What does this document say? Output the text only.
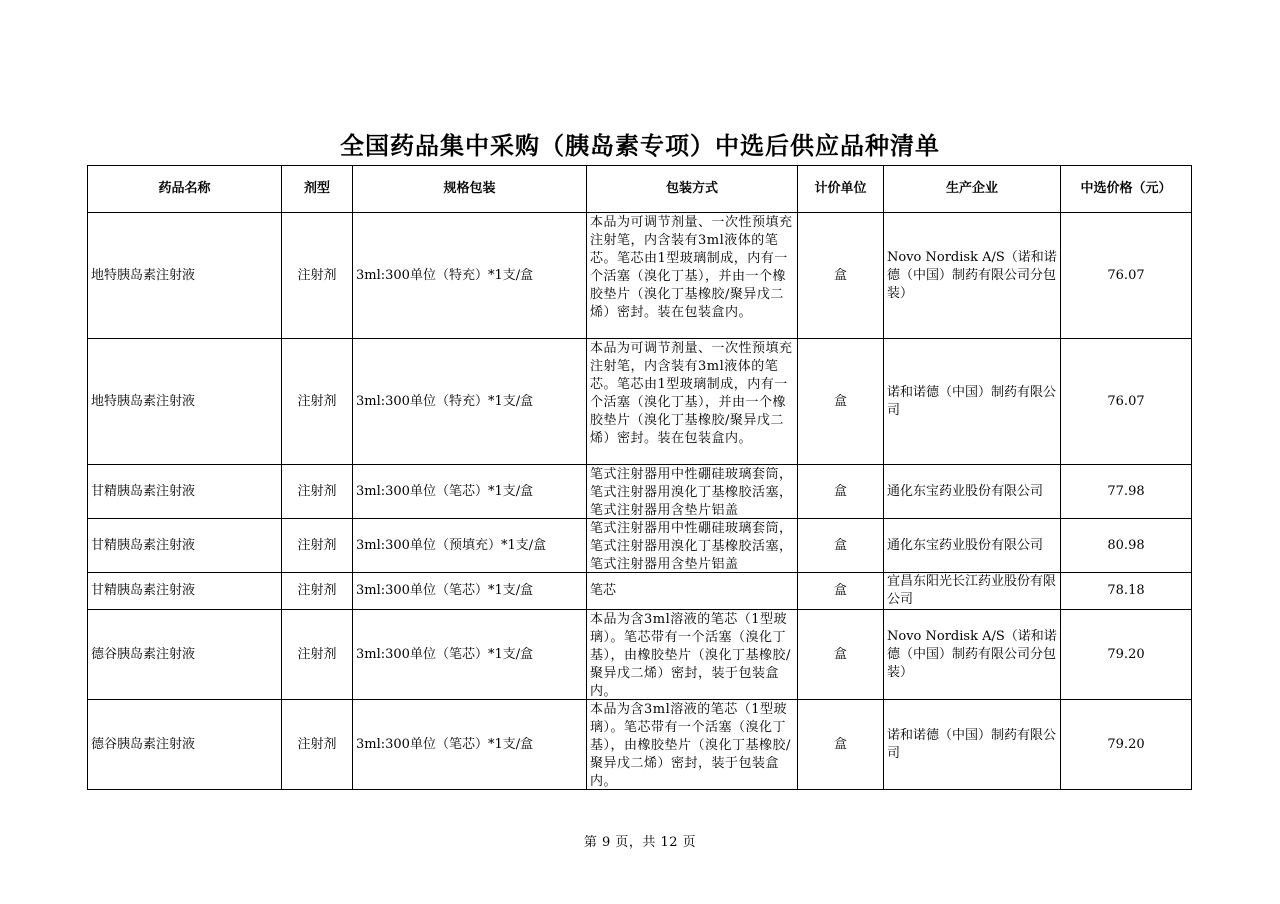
全国药品集中采购（胰岛素专项）中选后供应品种清单
药品名称	剂型	规格包装	包装方式	计价单位	生产企业	中选价格（元）
地特胰岛素注射液	注射剂	3ml:300单位（特充）*1支/盒	本品为可调节剂量、一次性预填充注射笔，内含装有3ml液体的笔芯。笔芯由1型玻璃制成，内有一个活塞（溴化丁基），并由一个橡胶垫片（溴化丁基橡胶/聚异戊二烯）密封。装在包装盒内。	盒	Novo Nordisk A/S（诺和诺德（中国）制药有限公司分包装）	76.07
地特胰岛素注射液	注射剂	3ml:300单位（特充）*1支/盒	本品为可调节剂量、一次性预填充注射笔，内含装有3ml液体的笔芯。笔芯由1型玻璃制成，内有一个活塞（溴化丁基），并由一个橡胶垫片（溴化丁基橡胶/聚异戊二烯）密封。装在包装盒内。	盒	诺和诺德（中国）制药有限公司	76.07
甘精胰岛素注射液	注射剂	3ml:300单位（笔芯）*1支/盒	笔式注射器用中性硼硅玻璃套筒，笔式注射器用溴化丁基橡胶活塞，笔式注射器用含垫片铝盖	盒	通化东宝药业股份有限公司	77.98
甘精胰岛素注射液	注射剂	3ml:300单位（预填充）*1支/盒	笔式注射器用中性硼硅玻璃套筒，笔式注射器用溴化丁基橡胶活塞，笔式注射器用含垫片铝盖	盒	通化东宝药业股份有限公司	80.98
甘精胰岛素注射液	注射剂	3ml:300单位（笔芯）*1支/盒	笔芯	盒	宜昌东阳光长江药业股份有限公司	78.18
德谷胰岛素注射液	注射剂	3ml:300单位（笔芯）*1支/盒	本品为含3ml溶液的笔芯（1型玻璃）。笔芯带有一个活塞（溴化丁基），由橡胶垫片（溴化丁基橡胶/聚异戊二烯）密封，装于包装盒内。	盒	Novo Nordisk A/S（诺和诺德（中国）制药有限公司分包装）	79.20
德谷胰岛素注射液	注射剂	3ml:300单位（笔芯）*1支/盒	本品为含3ml溶液的笔芯（1型玻璃）。笔芯带有一个活塞（溴化丁基），由橡胶垫片（溴化丁基橡胶/聚异戊二烯）密封，装于包装盒内。	盒	诺和诺德（中国）制药有限公司	79.20
第 9 页，共 12 页
